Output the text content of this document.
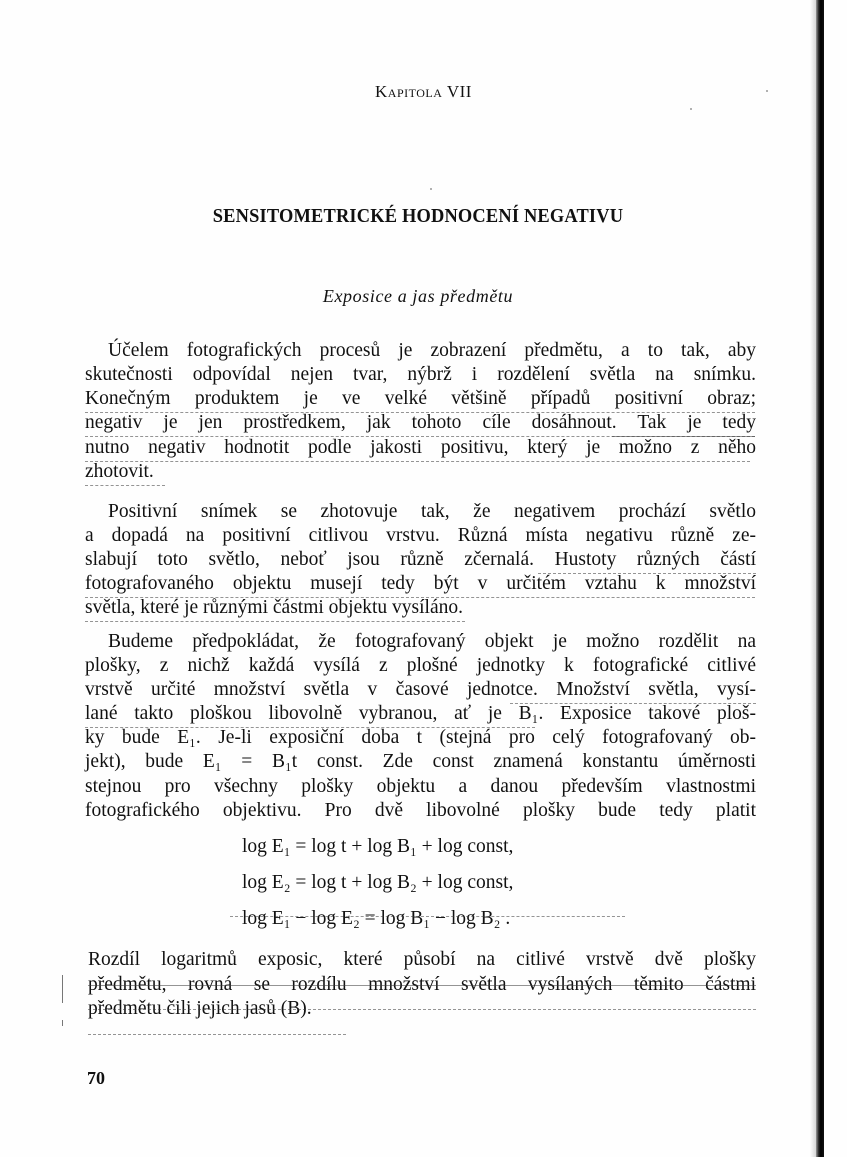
Kapitola VII
SENSITOMETRICKÉ HODNOCENÍ NEGATIVU
Exposice a jas předmětu
Účelem fotografických procesů je zobrazení předmětu, a to tak, aby
skutečnosti odpovídal nejen tvar, nýbrž i rozdělení světla na snímku.
Konečným produktem je ve velké většině případů positivní obraz;
negativ je jen prostředkem, jak tohoto cíle dosáhnout. Tak je tedy
nutno negativ hodnotit podle jakosti positivu, který je možno z něho
zhotovit.
Positivní snímek se zhotovuje tak, že negativem prochází světlo
a dopadá na positivní citlivou vrstvu. Různá místa negativu různě ze-
slabují toto světlo, neboť jsou různě zčernalá. Hustoty různých částí
fotografovaného objektu musejí tedy být v určitém vztahu k množství
světla, které je různými částmi objektu vysíláno.
Budeme předpokládat, že fotografovaný objekt je možno rozdělit na
plošky, z nichž každá vysílá z plošné jednotky k fotografické citlivé
vrstvě určité množství světla v časové jednotce. Množství světla, vysí-
lané takto ploškou libovolně vybranou, ať je B₁. Exposice takové ploš-
ky bude E₁. Je-li exposiční doba t (stejná pro celý fotografovaný ob-
jekt), bude E₁ = B₁t const. Zde const znamená konstantu úměrnosti
stejnou pro všechny plošky objektu a danou především vlastnostmi
fotografického objektivu. Pro dvě libovolné plošky bude tedy platit
log E₁ = log t + log B₁ + log const,
log E₂ = log t + log B₂ + log const,
log E₁ − log E₂ = log B₁ − log B₂ .
Rozdíl logaritmů exposic, které působí na citlivé vrstvě dvě plošky
předmětu, rovná se rozdílu množství světla vysílaných těmito částmi
předmětu čili jejich jasů (B).
70
